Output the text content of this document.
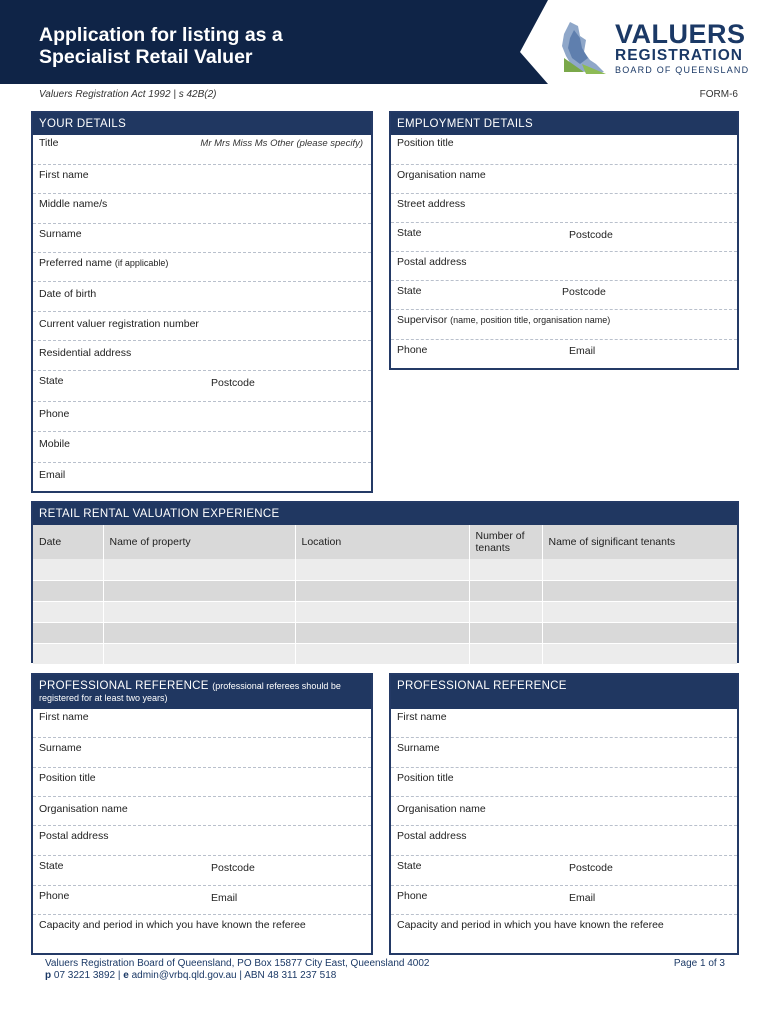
Application for listing as a
Specialist Retail Valuer
VALUERS
REGISTRATION
BOARD OF QUEENSLAND
Valuers Registration Act 1992 | s 42B(2)	FORM-6
YOUR DETAILS
Title	Mr Mrs Miss Ms Other (please specify)
First name
Middle name/s
Surname
Preferred name (if applicable)
Date of birth
Current valuer registration number
Residential address
State	Postcode
Phone
Mobile
Email
EMPLOYMENT DETAILS
Position title
Organisation name
Street address
State	Postcode
Postal address
State	Postcode
Supervisor (name, position title, organisation name)
Phone	Email
RETAIL RENTAL VALUATION EXPERIENCE
Date	Name of property	Location	Number of tenants	Name of significant tenants

PROFESSIONAL REFERENCE (professional referees should be registered for at least two years)
First name
Surname
Position title
Organisation name
Postal address
State	Postcode
Phone	Email
Capacity and period in which you have known the referee
PROFESSIONAL REFERENCE
First name
Surname
Position title
Organisation name
Postal address
State	Postcode
Phone	Email
Capacity and period in which you have known the referee
Valuers Registration Board of Queensland, PO Box 15877 City East, Queensland 4002
p 07 3221 3892 | e admin@vrbq.qld.gov.au | ABN 48 311 237 518
Page 1 of 3
